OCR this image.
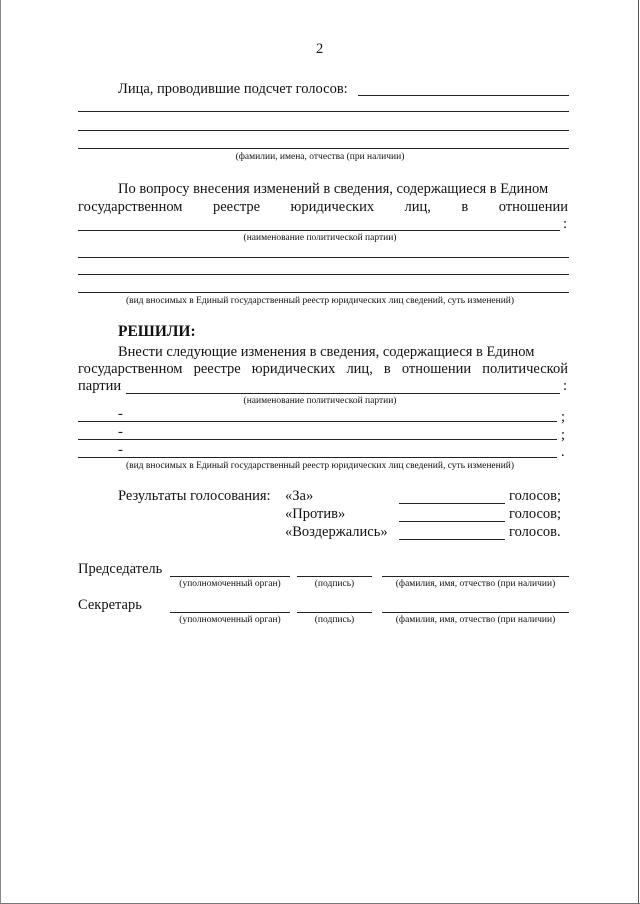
2
Лица, проводившие подсчет голосов:
(фамилии, имена, отчества (при наличии)
По вопросу внесения изменений в сведения, содержащиеся в Едином
государственном реестре юридических лиц, в отношении
:
(наименование политической партии)
(вид вносимых в Единый государственный реестр юридических лиц сведений, суть изменений)
РЕШИЛИ:
Внести следующие изменения в сведения, содержащиеся в Едином
государственном реестре юридических лиц, в отношении политической
партии	:
(наименование политической партии)
-	;
-	;
-	.
(вид вносимых в Единый государственный реестр юридических лиц сведений, суть изменений)
Результаты голосования: «За»	голосов;
«Против»	голосов;
«Воздержались»	голосов.
Председатель
(уполномоченный орган)	(подпись)	(фамилия, имя, отчество (при наличии)
Секретарь
(уполномоченный орган)	(подпись)	(фамилия, имя, отчество (при наличии)
